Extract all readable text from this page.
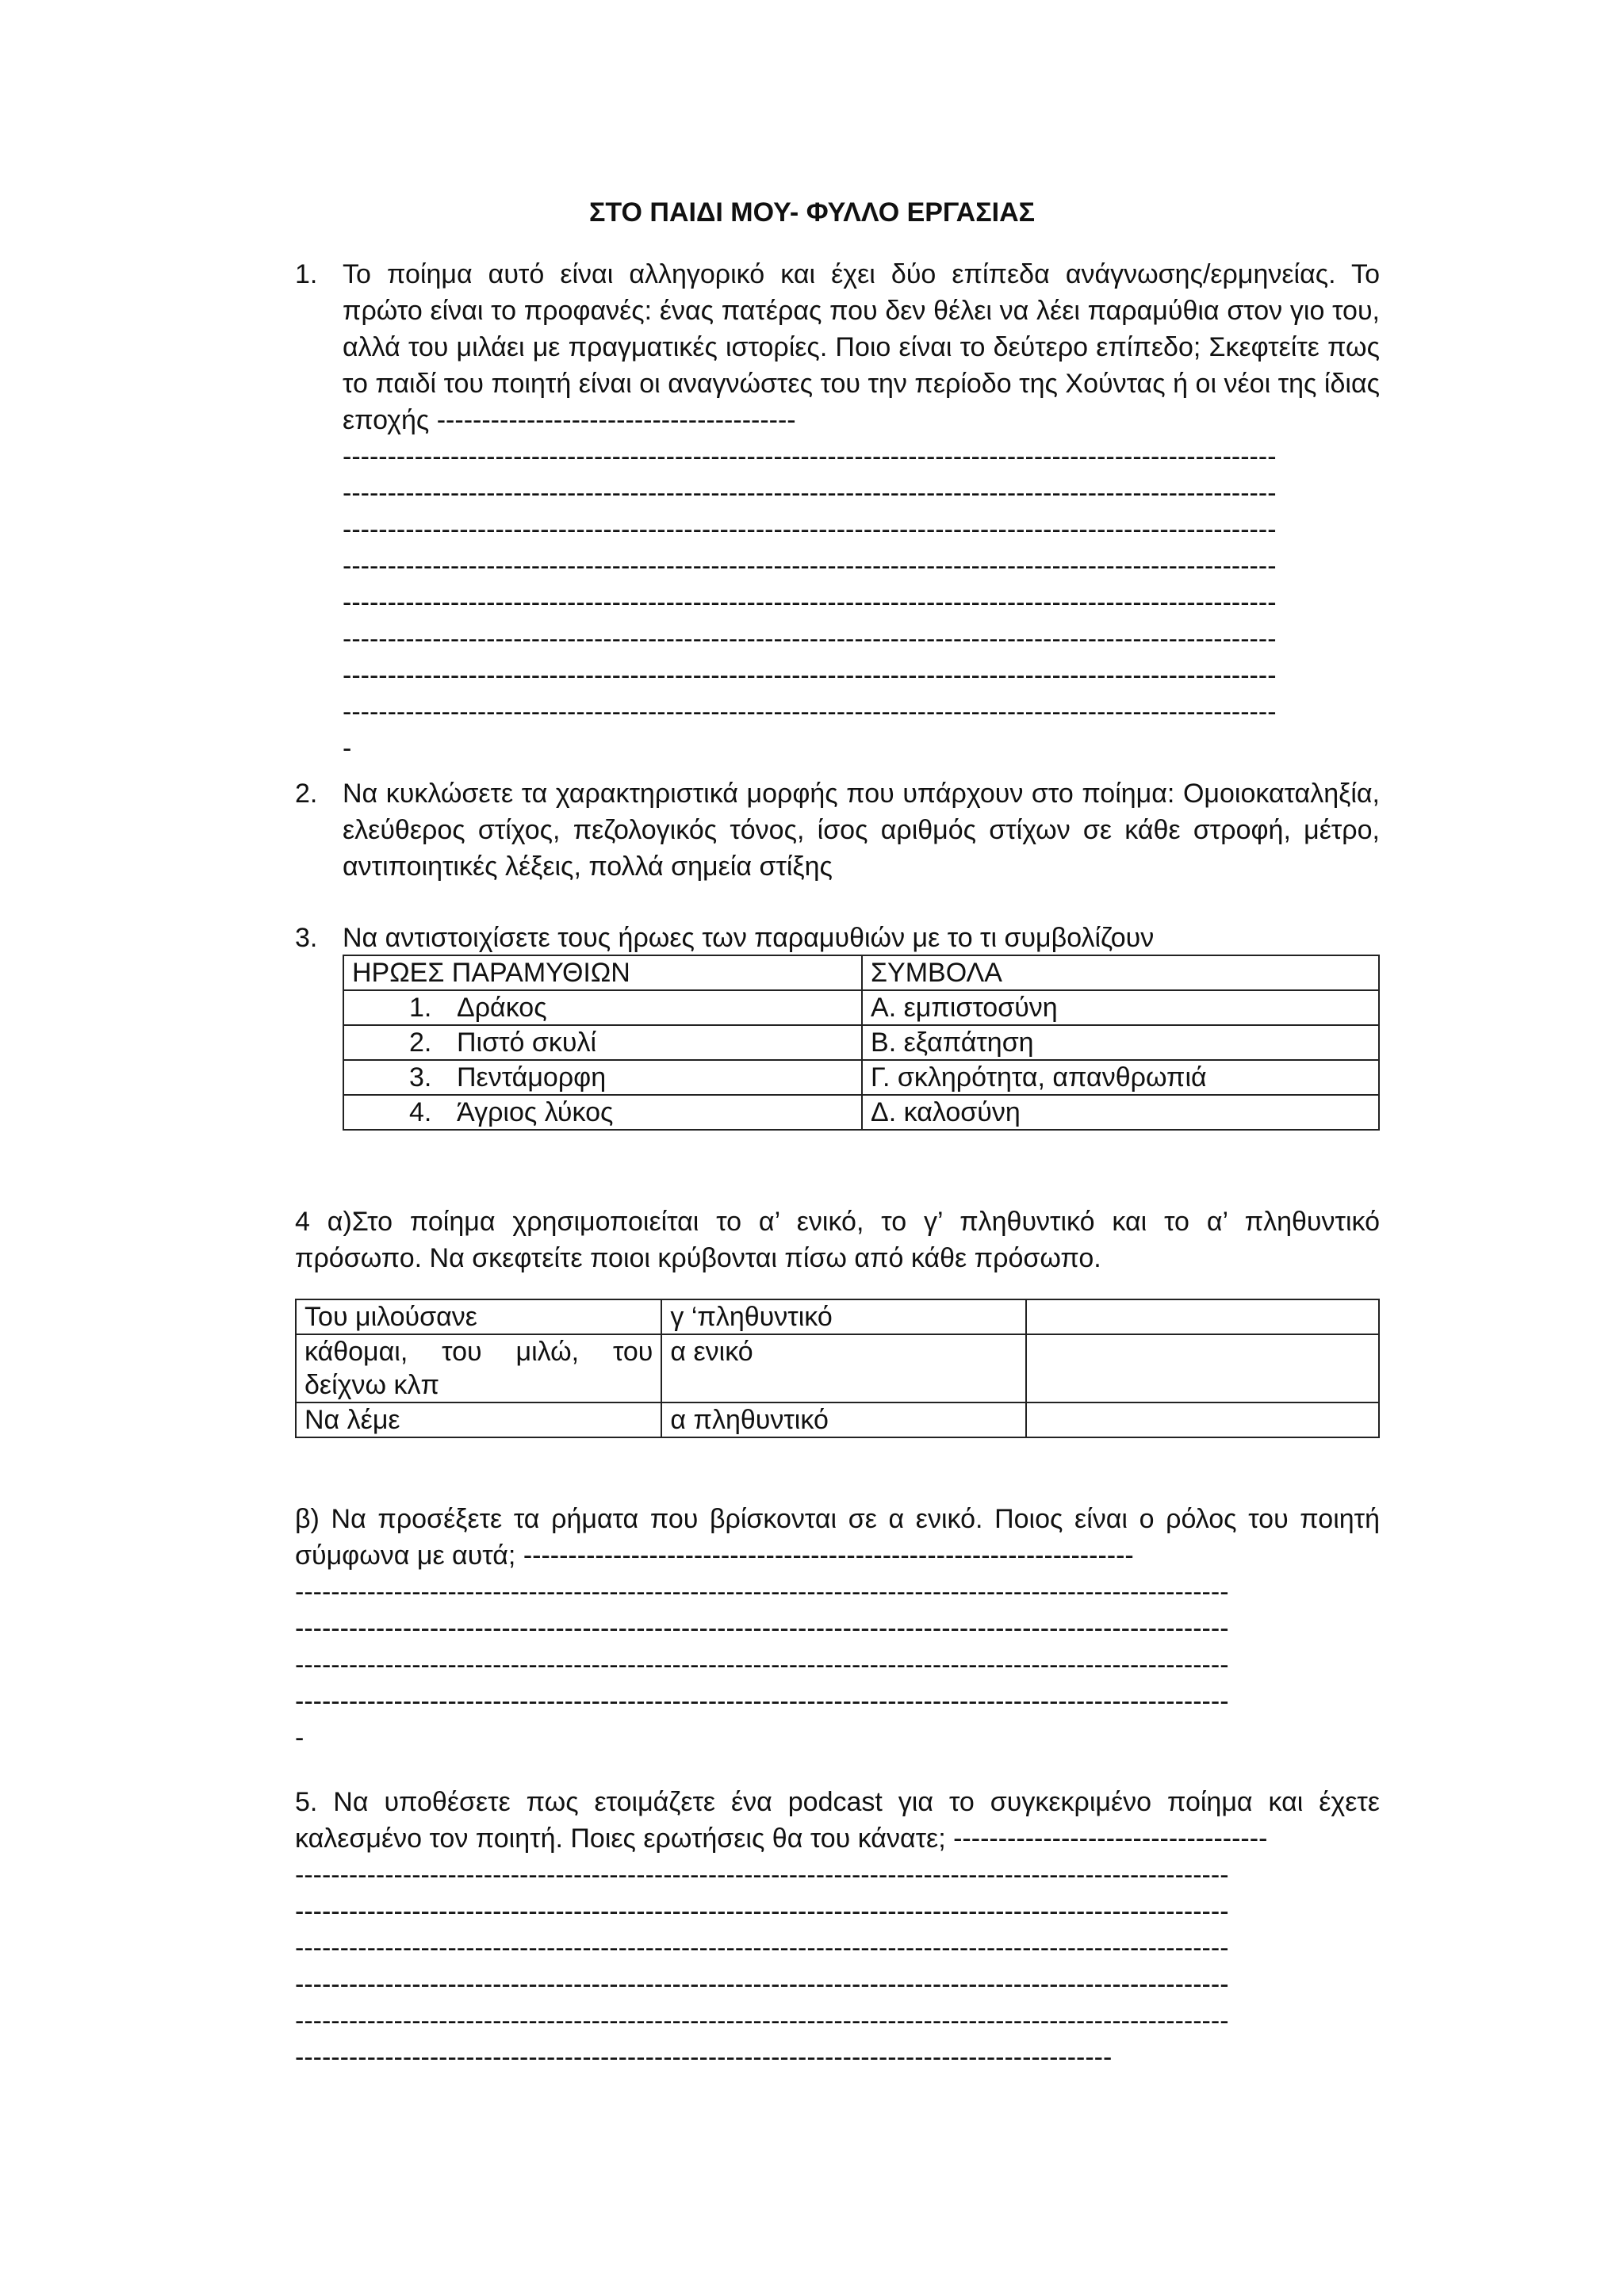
ΣΤΟ ΠΑΙΔΙ ΜΟΥ- ΦΥΛΛΟ ΕΡΓΑΣΙΑΣ
1. Το ποίημα αυτό είναι αλληγορικό και έχει δύο επίπεδα ανάγνωσης/ερμηνείας. Το πρώτο είναι το προφανές: ένας πατέρας που δεν θέλει να λέει παραμύθια στον γιο του, αλλά του μιλάει με πραγματικές ιστορίες. Ποιο είναι το δεύτερο επίπεδο; Σκεφτείτε πως το παιδί του ποιητή είναι οι αναγνώστες του την περίοδο της Χούντας ή οι νέοι της ίδιας εποχής ----------------------------------------
--------------------------------------------------------------------------------------------------------
--------------------------------------------------------------------------------------------------------
--------------------------------------------------------------------------------------------------------
--------------------------------------------------------------------------------------------------------
--------------------------------------------------------------------------------------------------------
--------------------------------------------------------------------------------------------------------
--------------------------------------------------------------------------------------------------------
--------------------------------------------------------------------------------------------------------
-
2. Να κυκλώσετε τα χαρακτηριστικά μορφής που υπάρχουν στο ποίημα: Ομοιοκαταληξία, ελεύθερος στίχος, πεζολογικός τόνος, ίσος αριθμός στίχων σε κάθε στροφή, μέτρο, αντιποιητικές λέξεις, πολλά σημεία στίξης
3. Να αντιστοιχίσετε τους ήρωες των παραμυθιών με το τι συμβολίζουν
ΗΡΩΕΣ ΠΑΡΑΜΥΘΙΩΝ	ΣΥΜΒΟΛΑ
1. Δράκος	Α. εμπιστοσύνη
2. Πιστό σκυλί	Β. εξαπάτηση
3. Πεντάμορφη	Γ. σκληρότητα, απανθρωπιά
4. Άγριος λύκος	Δ. καλοσύνη
4 α)Στο ποίημα χρησιμοποιείται το α’ ενικό, το γ’ πληθυντικό και το α’ πληθυντικό πρόσωπο. Να σκεφτείτε ποιοι κρύβονται πίσω από κάθε πρόσωπο.
Του μιλούσανε	γ ‘πληθυντικό	
κάθομαι, του μιλώ, του δείχνω κλπ	α ενικό	
Να λέμε	α πληθυντικό	
β) Να προσέξετε τα ρήματα που βρίσκονται σε α ενικό. Ποιος είναι ο ρόλος του ποιητή σύμφωνα με αυτά; --------------------------------------------------------------------
--------------------------------------------------------------------------------------------------------
--------------------------------------------------------------------------------------------------------
--------------------------------------------------------------------------------------------------------
--------------------------------------------------------------------------------------------------------
-
5. Να υποθέσετε πως ετοιμάζετε ένα podcast για το συγκεκριμένο ποίημα και έχετε καλεσμένο τον ποιητή. Ποιες ερωτήσεις θα του κάνατε; -----------------------------------
--------------------------------------------------------------------------------------------------------
--------------------------------------------------------------------------------------------------------
--------------------------------------------------------------------------------------------------------
--------------------------------------------------------------------------------------------------------
--------------------------------------------------------------------------------------------------------
-------------------------------------------------------------------------------------------
